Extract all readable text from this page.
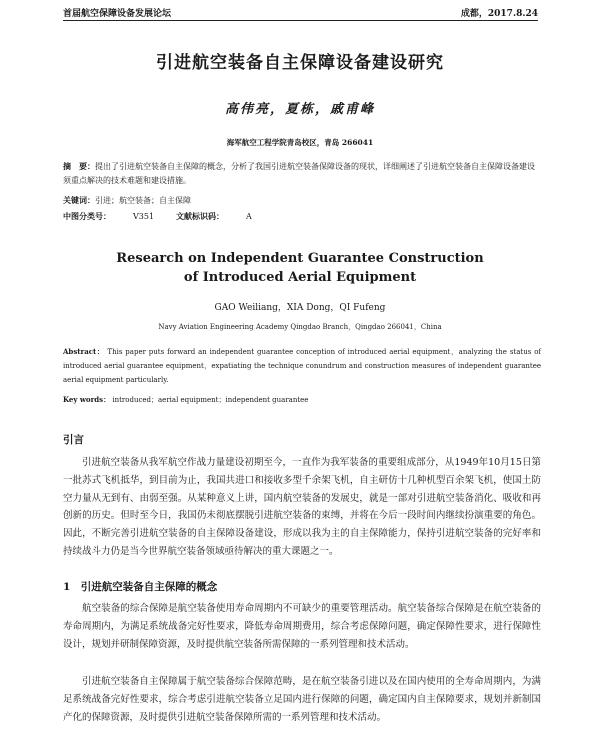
首届航空保障设备发展论坛	成都，2017.8.24
引进航空装备自主保障设备建设研究
高伟亮，夏栋，戚甫峰
海军航空工程学院青岛校区，青岛 266041
摘　要：提出了引进航空装备自主保障的概念，分析了我国引进航空装备保障设备的现状，详细阐述了引进航空装备自主保障设备建设须重点解决的技术难题和建设措施。
关键词：引进；航空装备；自主保障
中图分类号：	V351	文献标识码：	A
Research on Independent Guarantee Construction
of Introduced Aerial Equipment
GAO Weiliang，XIA Dong，QI Fufeng
Navy Aviation Engineering Academy Qingdao Branch，Qingdao 266041，China
Abstract： This paper puts forward an independent guarantee conception of introduced aerial equipment，analyzing the status of introduced aerial guarantee equipment，expatiating the technique conundrum and construction measures of independent guarantee aerial equipment particularly.
Key words： introduced；aerial equipment；independent guarantee
引言

引进航空装备从我军航空作战力量建设初期至今，一直作为我军装备的重要组成部分，从1949年10月15日第一批苏式飞机抵华，到目前为止，我国共进口和接收多型千余架飞机，自主研仿十几种机型百余架飞机，使国土防空力量从无到有、由弱至强。从某种意义上讲，国内航空装备的发展史，就是一部对引进航空装备消化、吸收和再创新的历史。但时至今日，我国仍未彻底摆脱引进航空装备的束缚，并将在今后一段时间内继续扮演重要的角色。因此，不断完善引进航空装备的自主保障设备建设，形成以我为主的自主保障能力，保持引进航空装备的完好率和持续战斗力仍是当今世界航空装备领域亟待解决的重大课题之一。

1　引进航空装备自主保障的概念

航空装备的综合保障是航空装备使用寿命周期内不可缺少的重要管理活动。航空装备综合保障是在航空装备的寿命周期内，为满足系统战备完好性要求，降低寿命周期费用，综合考虑保障问题，确定保障性要求，进行保障性设计，规划并研制保障资源，及时提供航空装备所需保障的一系列管理和技术活动。

引进航空装备自主保障属于航空装备综合保障范畴，是在航空装备引进以及在国内使用的全寿命周期内，为满足系统战备完好性要求，综合考虑引进航空装备立足国内进行保障的问题，确定国内自主保障要求，规划并新制国产化的保障资源，及时提供引进航空装备保障所需的一系列管理和技术活动。
